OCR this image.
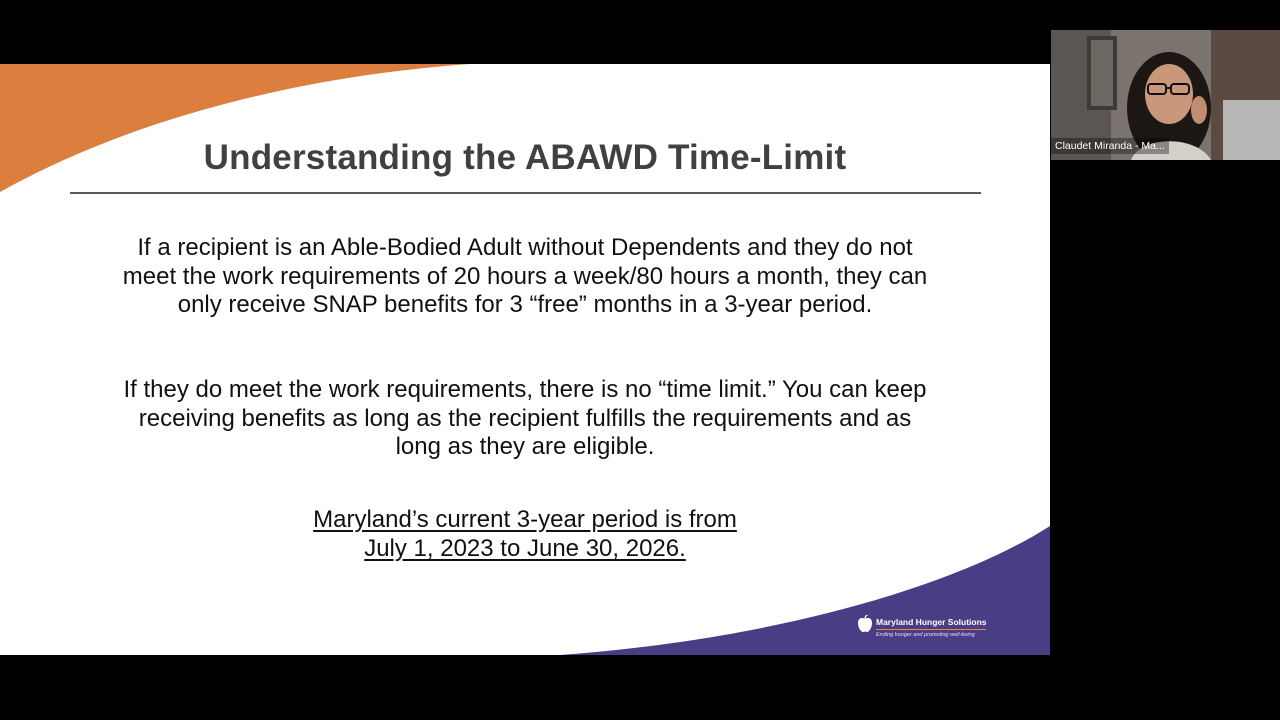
Understanding the ABAWD Time-Limit
If a recipient is an Able-Bodied Adult without Dependents and they do not meet the work requirements of 20 hours a week/80 hours a month, they can only receive SNAP benefits for 3 “free” months in a 3-year period.
If they do meet the work requirements, there is no “time limit.” You can keep receiving benefits as long as the recipient fulfills the requirements and as long as they are eligible.
Maryland’s current 3-year period is from
July 1, 2023 to June 30, 2026.
Maryland Hunger Solutions
Ending hunger and promoting well-being
Claudet Miranda - Ma...
